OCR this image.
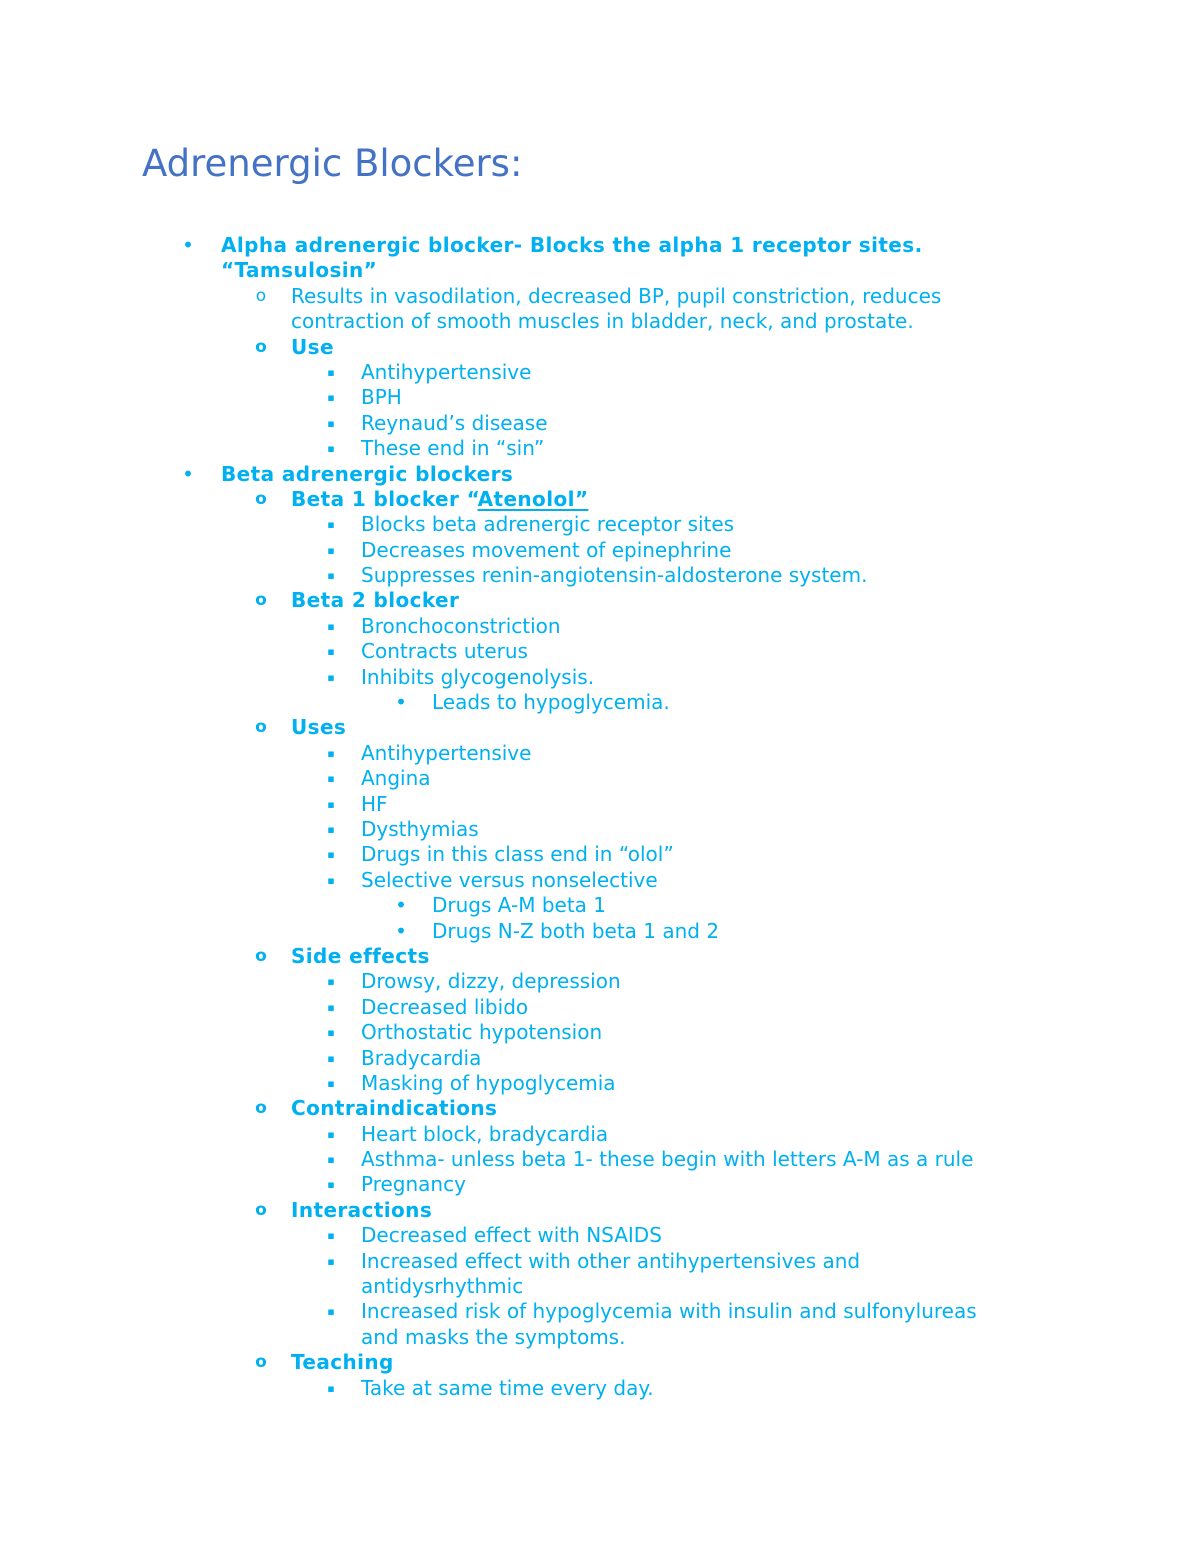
Adrenergic Blockers:
• Alpha adrenergic blocker- Blocks the alpha 1 receptor sites.
“Tamsulosin”
o Results in vasodilation, decreased BP, pupil constriction, reduces
contraction of smooth muscles in bladder, neck, and prostate.
o Use
▪	Antihypertensive
▪	BPH
▪	Reynaud’s disease
▪	These end in “sin”
• Beta adrenergic blockers
o Beta 1 blocker “Atenolol”
▪	Blocks beta adrenergic receptor sites
▪	Decreases movement of epinephrine
▪	Suppresses renin-angiotensin-aldosterone system.
o Beta 2 blocker
▪	Bronchoconstriction
▪	Contracts uterus
▪	Inhibits glycogenolysis.
• Leads to hypoglycemia.
o Uses
▪	Antihypertensive
▪	Angina
▪	HF
▪	Dysthymias
▪	Drugs in this class end in “olol”
▪	Selective versus nonselective
• Drugs A-M beta 1
• Drugs N-Z both beta 1 and 2
o Side effects
▪	Drowsy, dizzy, depression
▪	Decreased libido
▪	Orthostatic hypotension
▪	Bradycardia
▪	Masking of hypoglycemia
o Contraindications
▪	Heart block, bradycardia
▪	Asthma- unless beta 1- these begin with letters A-M as a rule
▪	Pregnancy
o Interactions
▪	Decreased effect with NSAIDS
▪	Increased effect with other antihypertensives and
antidysrhythmic
▪	Increased risk of hypoglycemia with insulin and sulfonylureas
and masks the symptoms.
o Teaching
▪	Take at same time every day.
